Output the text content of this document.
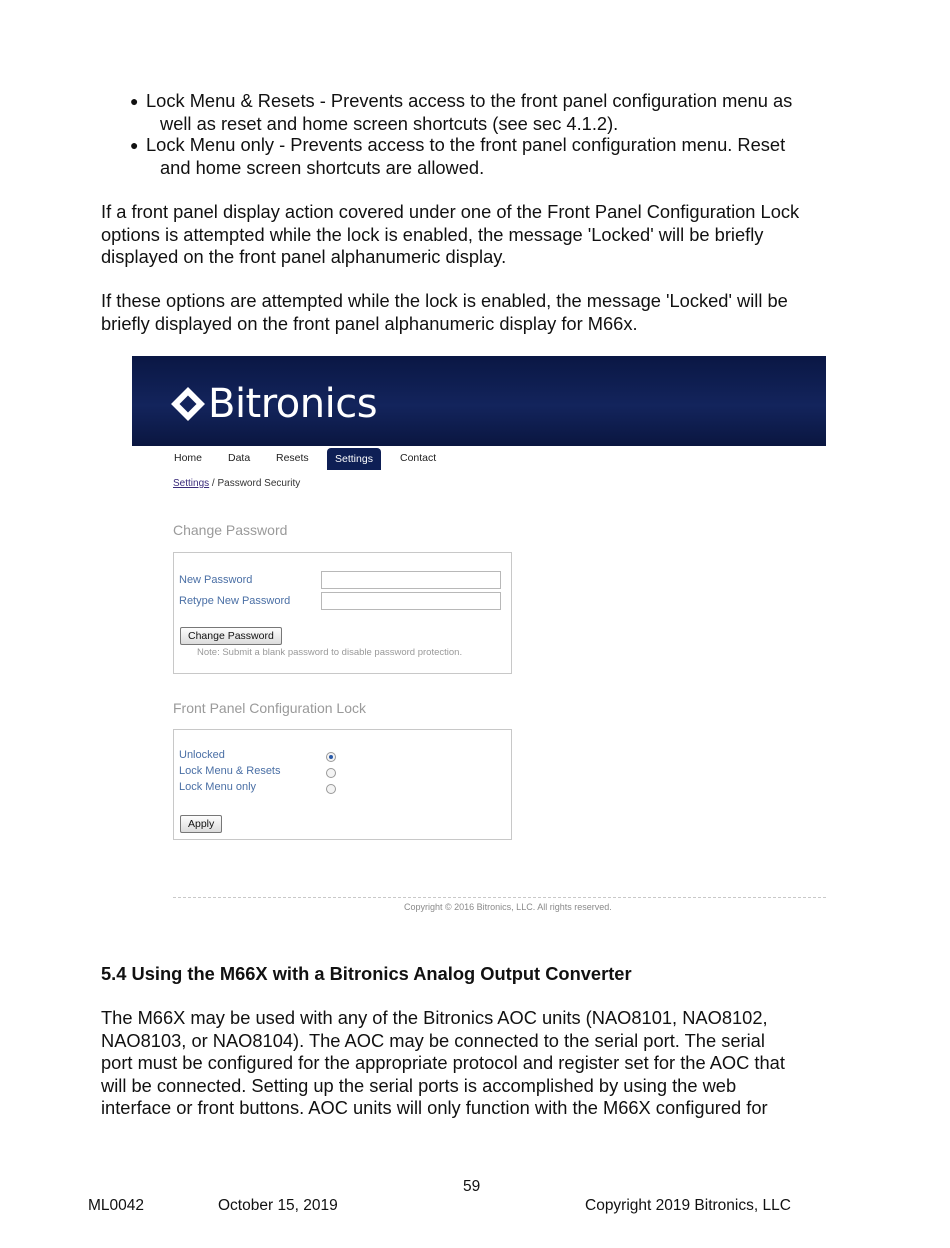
● Lock Menu & Resets - Prevents access to the front panel configuration menu as
well as reset and home screen shortcuts (see sec 4.1.2).
● Lock Menu only - Prevents access to the front panel configuration menu. Reset
and home screen shortcuts are allowed.
If a front panel display action covered under one of the Front Panel Configuration Lock
options is attempted while the lock is enabled, the message 'Locked' will be briefly
displayed on the front panel alphanumeric display.
If these options are attempted while the lock is enabled, the message 'Locked' will be
briefly displayed on the front panel alphanumeric display for M66x.
Bitronics
Home Data Resets	Settings	Contact
Settings / Password Security
Change Password
New Password
Retype New Password
Change Password
Note: Submit a blank password to disable password protection.
Front Panel Configuration Lock
Unlocked
Lock Menu & Resets
Lock Menu only
Apply
Copyright © 2016 Bitronics, LLC. All rights reserved.
5.4 Using the M66X with a Bitronics Analog Output Converter
The M66X may be used with any of the Bitronics AOC units (NAO8101, NAO8102,
NAO8103, or NAO8104). The AOC may be connected to the serial port. The serial
port must be configured for the appropriate protocol and register set for the AOC that
will be connected. Setting up the serial ports is accomplished by using the web
interface or front buttons. AOC units will only function with the M66X configured for
59
ML0042	October 15, 2019	Copyright 2019 Bitronics, LLC
